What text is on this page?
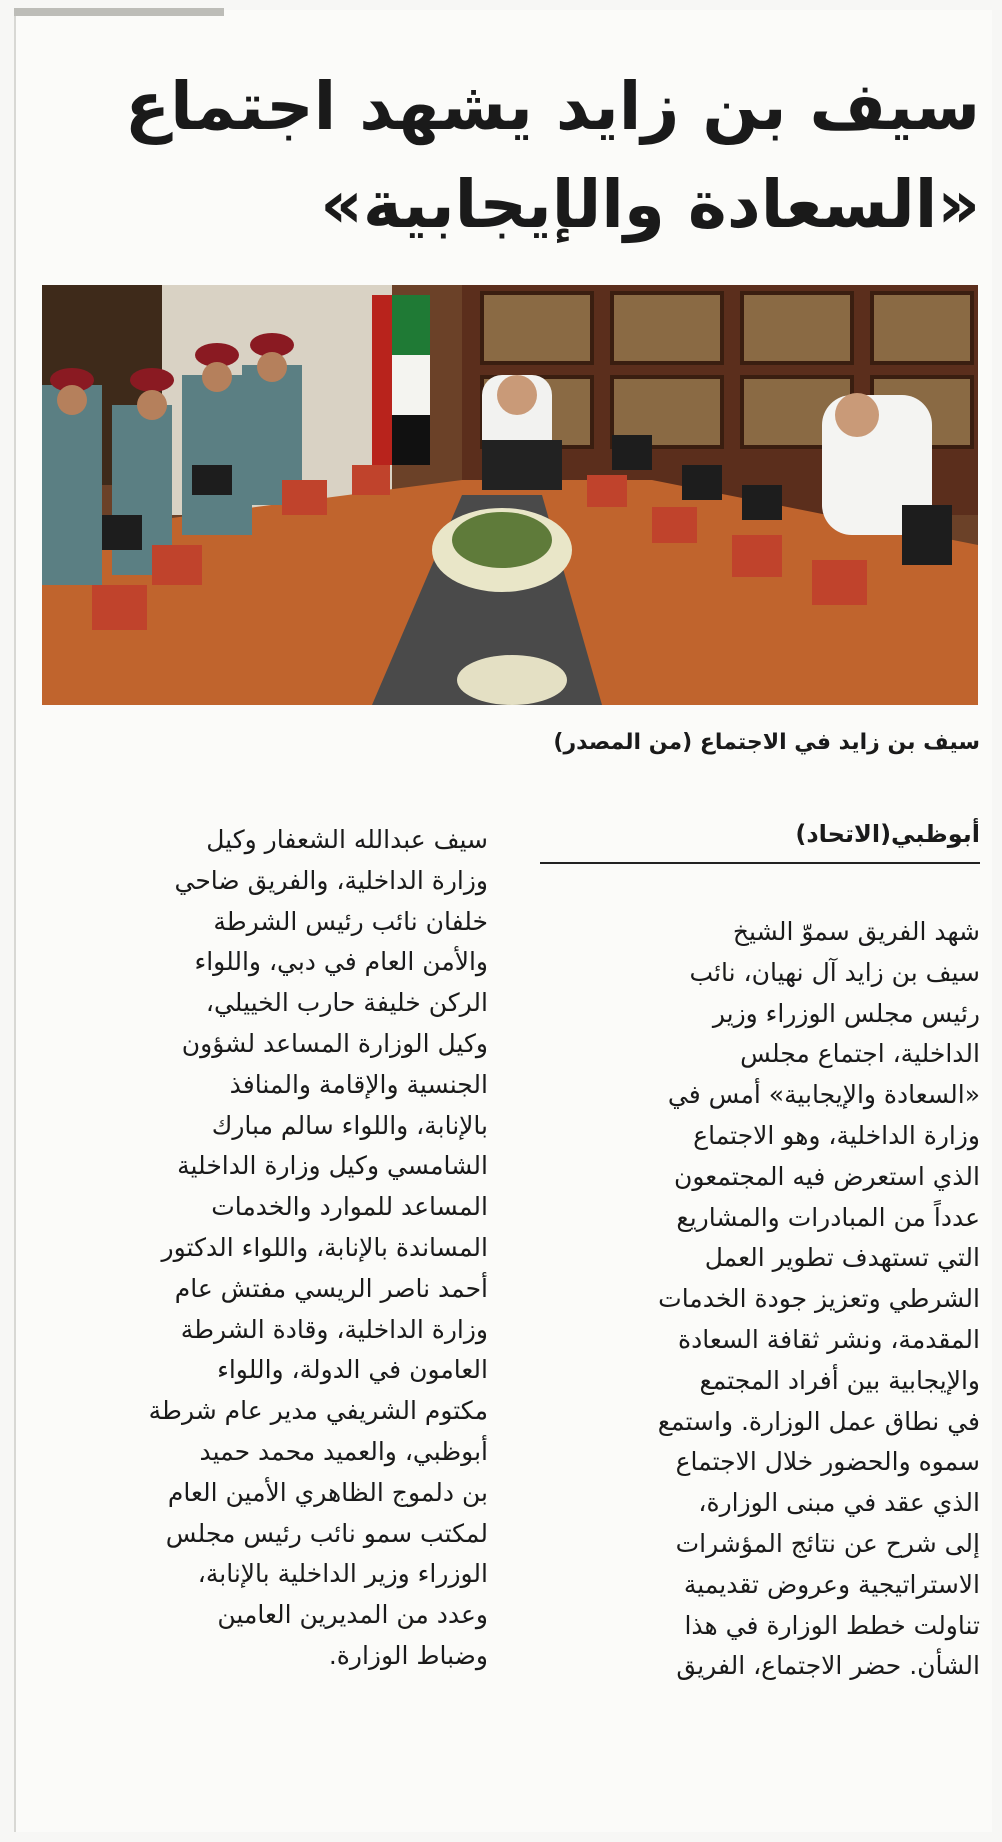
سيف بن زايد يشهد اجتماع
«السعادة والإيجابية»
سيف بن زايد في الاجتماع (من المصدر)
أبوظبي(الاتحاد)

شهد الفريق سموّ الشيخ

سيف بن زايد آل نهيان، نائب

رئيس مجلس الوزراء وزير

الداخلية، اجتماع مجلس

«السعادة والإيجابية» أمس في

وزارة الداخلية، وهو الاجتماع

الذي استعرض فيه المجتمعون

عدداً من المبادرات والمشاريع

التي تستهدف تطوير العمل

الشرطي وتعزيز جودة الخدمات

المقدمة، ونشر ثقافة السعادة

والإيجابية بين أفراد المجتمع

في نطاق عمل الوزارة. واستمع

سموه والحضور خلال الاجتماع

الذي عقد في مبنى الوزارة،

إلى شرح عن نتائج المؤشرات

الاستراتيجية وعروض تقديمية

تناولت خطط الوزارة في هذا

الشأن. حضر الاجتماع، الفريق

سيف عبدالله الشعفار وكيل

وزارة الداخلية، والفريق ضاحي

خلفان نائب رئيس الشرطة

والأمن العام في دبي، واللواء

الركن خليفة حارب الخييلي،

وكيل الوزارة المساعد لشؤون

الجنسية والإقامة والمنافذ

بالإنابة، واللواء سالم مبارك

الشامسي وكيل وزارة الداخلية

المساعد للموارد والخدمات

المساندة بالإنابة، واللواء الدكتور

أحمد ناصر الريسي مفتش عام

وزارة الداخلية، وقادة الشرطة

العامون في الدولة، واللواء

مكتوم الشريفي مدير عام شرطة

أبوظبي، والعميد محمد حميد

بن دلموج الظاهري الأمين العام

لمكتب سمو نائب رئيس مجلس

الوزراء وزير الداخلية بالإنابة،

وعدد من المديرين العامين

وضباط الوزارة.
